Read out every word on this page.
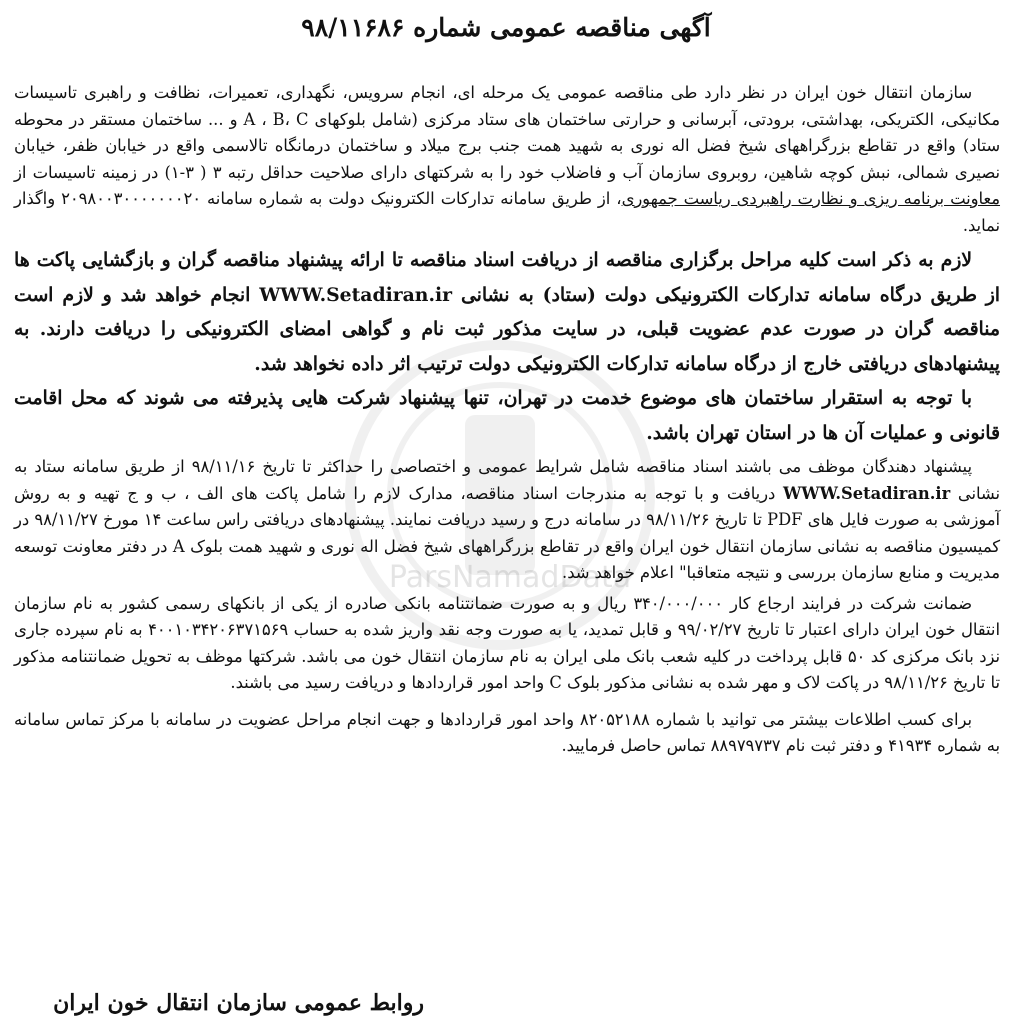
ParsNamadData
آگهی مناقصه عمومی شماره ۹۸/۱۱۶۸۶

سازمان انتقال خون ایران در نظر دارد طی مناقصه عمومی یک مرحله ای، انجام سرویس، نگهداری، تعمیرات، نظافت و راهبری تاسیسات مکانیکی، الکتریکی، بهداشتی، برودتی، آبرسانی و حرارتی ساختمان های ستاد مرکزی (شامل بلوکهای A ، B، C و ... ساختمان مستقر در محوطه ستاد) واقع در تقاطع بزرگراههای شیخ فضل اله نوری به شهید همت جنب برج میلاد و ساختمان درمانگاه تالاسمی واقع در خیابان ظفر، خیابان نصیری شمالی، نبش کوچه شاهین، روبروی سازمان آب و فاضلاب خود را به شرکتهای دارای صلاحیت حداقل رتبه ۳ ( ۳-۱) در زمینه تاسیسات از معاونت برنامه ریزی و نظارت راهبردی ریاست جمهوری، از طریق سامانه تدارکات الکترونیک دولت به شماره سامانه ۲۰۹۸۰۰۳۰۰۰۰۰۰۰۲۰ واگذار نماید.

لازم به ذکر است کلیه مراحل برگزاری مناقصه از دریافت اسناد مناقصه تا ارائه پیشنهاد مناقصه گران و بازگشایی پاکت ها از طریق درگاه سامانه تدارکات الکترونیکی دولت (ستاد) به نشانی WWW.Setadiran.ir انجام خواهد شد و لازم است مناقصه گران در صورت عدم عضویت قبلی، در سایت مذکور ثبت نام و گواهی امضای الکترونیکی را دریافت دارند. به پیشنهادهای دریافتی خارج از درگاه سامانه تدارکات الکترونیکی دولت ترتیب اثر داده نخواهد شد.

با توجه به استقرار ساختمان های موضوع خدمت در تهران، تنها پیشنهاد شرکت هایی پذیرفته می شوند که محل اقامت قانونی و عملیات آن ها در استان تهران باشد.

پیشنهاد دهندگان موظف می باشند اسناد مناقصه شامل شرایط عمومی و اختصاصی را حداکثر تا تاریخ ۹۸/۱۱/۱۶ از طریق سامانه ستاد به نشانی WWW.Setadiran.ir دریافت و با توجه به مندرجات اسناد مناقصه، مدارک لازم را شامل پاکت های الف ، ب و ج تهیه و به روش آموزشی به صورت فایل های PDF تا تاریخ ۹۸/۱۱/۲۶ در سامانه درج و رسید دریافت نمایند. پیشنهادهای دریافتی راس ساعت ۱۴ مورخ ۹۸/۱۱/۲۷ در کمیسیون مناقصه به نشانی سازمان انتقال خون ایران واقع در تقاطع بزرگراههای شیخ فضل اله نوری و شهید همت بلوک A در دفتر معاونت توسعه مدیریت و منابع سازمان بررسی و نتیجه متعاقبا" اعلام خواهد شد.

ضمانت شرکت در فرایند ارجاع کار ۳۴۰/۰۰۰/۰۰۰ ریال و به صورت ضمانتنامه بانکی صادره از یکی از بانکهای رسمی کشور به نام سازمان انتقال خون ایران دارای اعتبار تا تاریخ ۹۹/۰۲/۲۷ و قابل تمدید، یا به صورت وجه نقد واریز شده به حساب ۴۰۰۱۰۳۴۲۰۶۳۷۱۵۶۹ به نام سپرده جاری نزد بانک مرکزی کد ۵۰ قابل پرداخت در کلیه شعب بانک ملی ایران به نام سازمان انتقال خون می باشد. شرکتها موظف به تحویل ضمانتنامه مذکور تا تاریخ ۹۸/۱۱/۲۶ در پاکت لاک و مهر شده به نشانی مذکور بلوک C واحد امور قراردادها و دریافت رسید می باشند.

برای کسب اطلاعات بیشتر می توانید با شماره ۸۲۰۵۲۱۸۸ واحد امور قراردادها و جهت انجام مراحل عضویت در سامانه با مرکز تماس سامانه به شماره ۴۱۹۳۴ و دفتر ثبت نام ۸۸۹۷۹۷۳۷ تماس حاصل فرمایید.

روابط عمومی سازمان انتقال خون ایران
